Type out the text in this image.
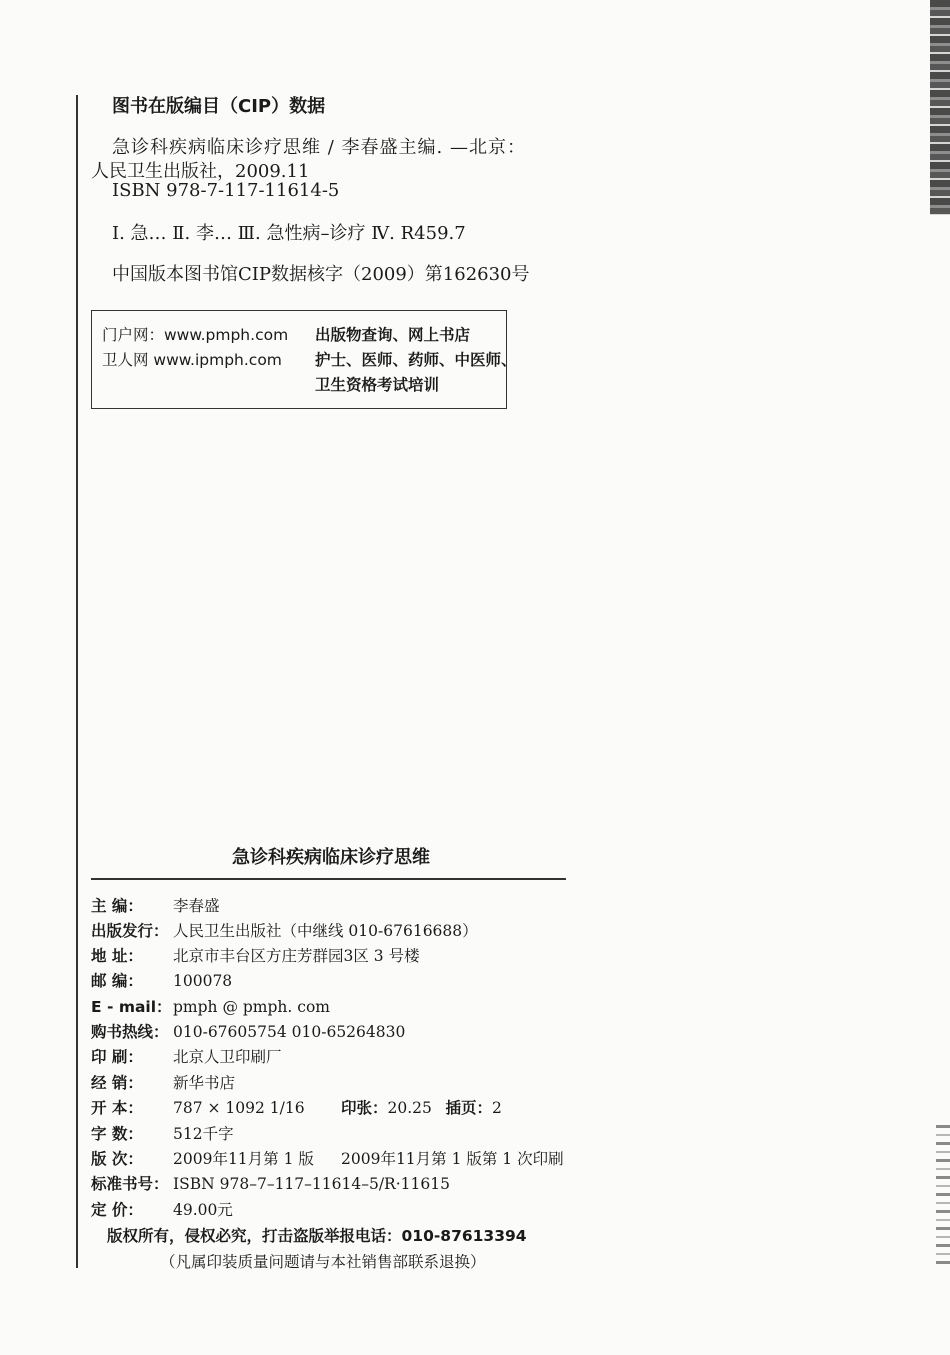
图书在版编目（CIP）数据
急诊科疾病临床诊疗思维 / 李春盛主编. —北京：
人民卫生出版社，2009.11
ISBN 978-7-117-11614-5
Ⅰ. 急… Ⅱ. 李… Ⅲ. 急性病–诊疗 Ⅳ. R459.7
中国版本图书馆CIP数据核字（2009）第162630号
门户网：www.pmph.com
卫人网 www.ipmph.com
出版物查询、网上书店
护士、医师、药师、中医师、
卫生资格考试培训
急诊科疾病临床诊疗思维
主 编： 李春盛
出版发行： 人民卫生出版社（中继线 010-67616688）
地 址： 北京市丰台区方庄芳群园3区 3 号楼
邮 编： 100078
E - mail：pmph @ pmph. com
购书热线： 010-67605754 010-65264830
印 刷： 北京人卫印刷厂
经 销： 新华书店
开 本： 787 × 1092 1/16 印张：20.25 插页：2
字 数： 512千字
版 次： 2009年11月第 1 版 2009年11月第 1 版第 1 次印刷
标准书号： ISBN 978–7–117–11614–5/R·11615
定 价： 49.00元
版权所有，侵权必究，打击盗版举报电话：010-87613394
（凡属印装质量问题请与本社销售部联系退换）
